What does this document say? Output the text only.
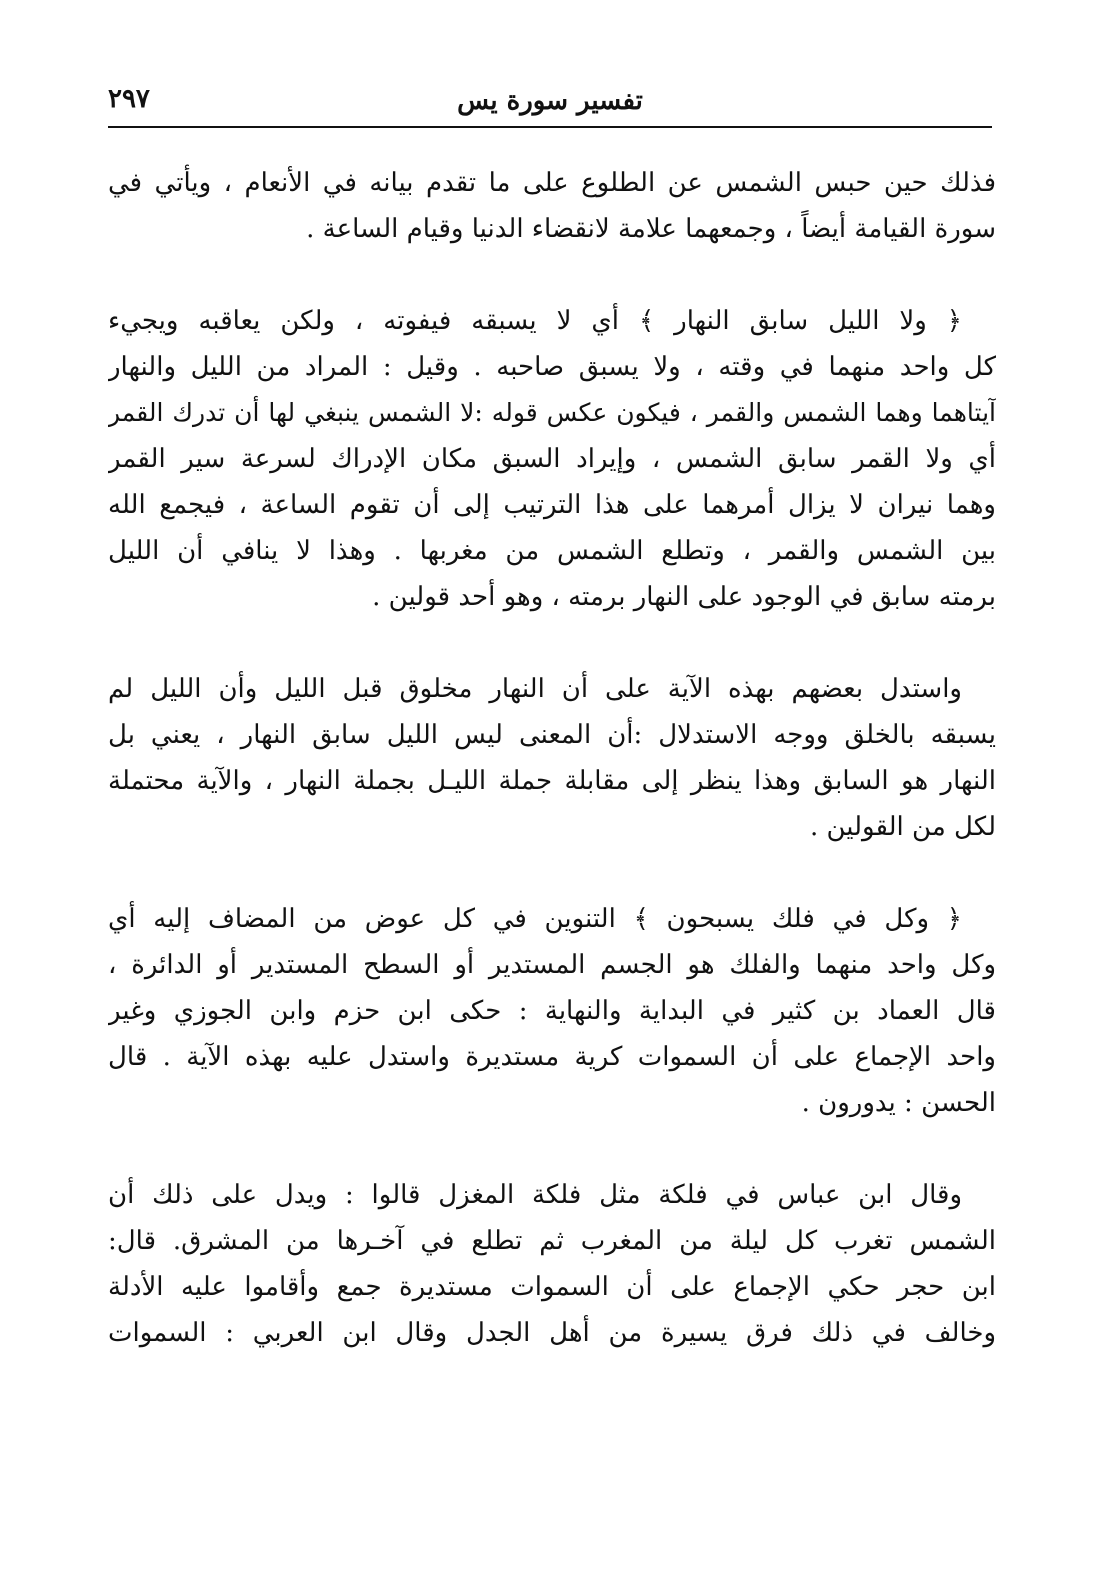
تفسير سورة يس
٢٩٧
فذلك حين حبس الشمس عن الطلوع على ما تقدم بيانه في الأنعام ، ويأتي في
سورة القيامة أيضاً ، وجمعهما علامة لانقضاء الدنيا وقيام الساعة .
﴿ ولا الليل سابق النهار ﴾ أي لا يسبقه فيفوته ، ولكن يعاقبه ويجيء
كل واحد منهما في وقته ، ولا يسبق صاحبه . وقيل : المراد من الليل والنهار
آيتاهما وهما الشمس والقمر ، فيكون عكس قوله :لا الشمس ينبغي لها أن تدرك القمر
أي ولا القمر سابق الشمس ، وإيراد السبق مكان الإدراك لسرعة سير القمر
وهما نيران لا يزال أمرهما على هذا الترتيب إلى أن تقوم الساعة ، فيجمع الله
بين الشمس والقمر ، وتطلع الشمس من مغربها . وهذا لا ينافي أن الليل
برمته سابق في الوجود على النهار برمته ، وهو أحد قولين .
واستدل بعضهم بهذه الآية على أن النهار مخلوق قبل الليل وأن الليل لم
يسبقه بالخلق ووجه الاستدلال :أن المعنى ليس الليل سابق النهار ، يعني بل
النهار هو السابق وهذا ينظر إلى مقابلة جملة الليـل بجملة النهار ، والآية محتملة
لكل من القولين .
﴿ وكل في فلك يسبحون ﴾ التنوين في كل عوض من المضاف إليه أي
وكل واحد منهما والفلك هو الجسم المستدير أو السطح المستدير أو الدائرة ،
قال العماد بن كثير في البداية والنهاية : حكى ابن حزم وابن الجوزي وغير
واحد الإجماع على أن السموات كرية مستديرة واستدل عليه بهذه الآية . قال
الحسن : يدورون .
وقال ابن عباس في فلكة مثل فلكة المغزل قالوا : ويدل على ذلك أن
الشمس تغرب كل ليلة من المغرب ثم تطلع في آخـرها من المشرق. قال:
ابن حجر حكي الإجماع على أن السموات مستديرة جمع وأقاموا عليه الأدلة
وخالف في ذلك فرق يسيرة من أهل الجدل وقال ابن العربي : السموات
